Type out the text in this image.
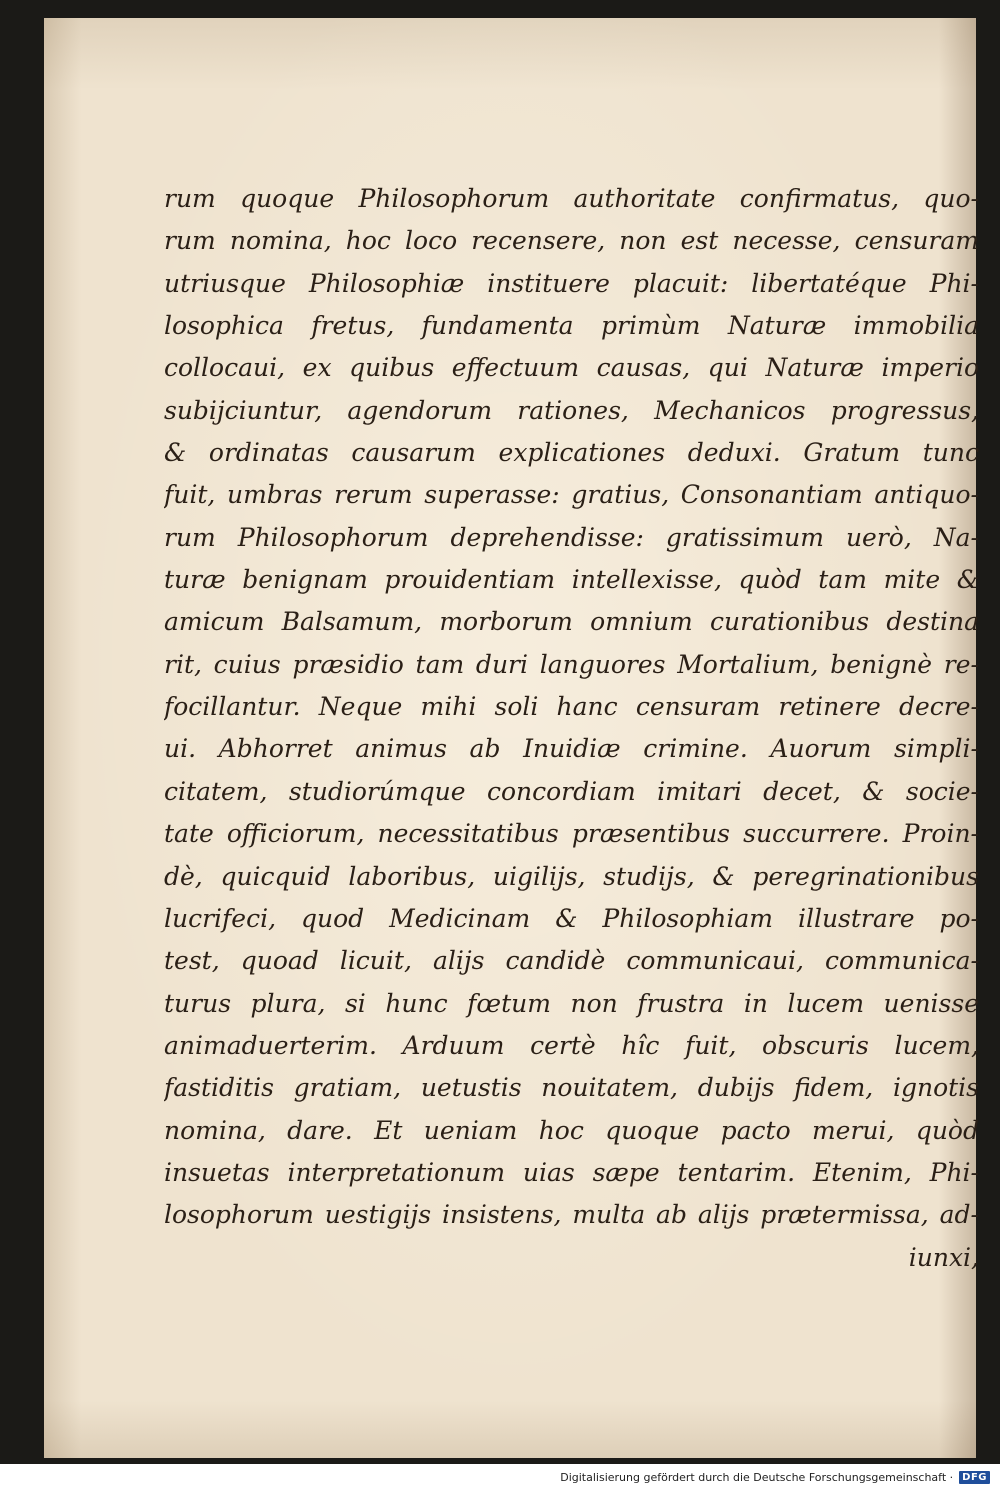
rum quoque Philosophorum authoritate confirmatus, quo-
rum nomina, hoc loco recensere, non est necesse, censuram
utriusque Philosophiæ instituere placuit: libertatéque Phi-
losophica fretus, fundamenta primùm Naturæ immobilia
collocaui, ex quibus effectuum causas, qui Naturæ imperio
subijciuntur, agendorum rationes, Mechanicos progressus,
& ordinatas causarum explicationes deduxi. Gratum tunc
fuit, umbras rerum superasse: gratius, Consonantiam antiquo-
rum Philosophorum deprehendisse: gratissimum uerò, Na-
turæ benignam prouidentiam intellexisse, quòd tam mite &
amicum Balsamum, morborum omnium curationibus destina
rit, cuius præsidio tam duri languores Mortalium, benignè re-
focillantur. Neque mihi soli hanc censuram retinere decre-
ui. Abhorret animus ab Inuidiæ crimine. Auorum simpli-
citatem, studiorúmque concordiam imitari decet, & socie-
tate officiorum, necessitatibus præsentibus succurrere. Proin-
dè, quicquid laboribus, uigilijs, studijs, & peregrinationibus
lucrifeci, quod Medicinam & Philosophiam illustrare po-
test, quoad licuit, alijs candidè communicaui, communica-
turus plura, si hunc fœtum non frustra in lucem uenisse
animaduerterim. Arduum certè hîc fuit, obscuris lucem,
fastiditis gratiam, uetustis nouitatem, dubijs fidem, ignotis
nomina, dare. Et ueniam hoc quoque pacto merui, quòd
insuetas interpretationum uias sæpe tentarim. Etenim, Phi-
losophorum uestigijs insistens, multa ab alijs prætermissa, ad-
iunxi,
Digitalisierung gefördert durch die Deutsche Forschungsgemeinschaft · DFG
